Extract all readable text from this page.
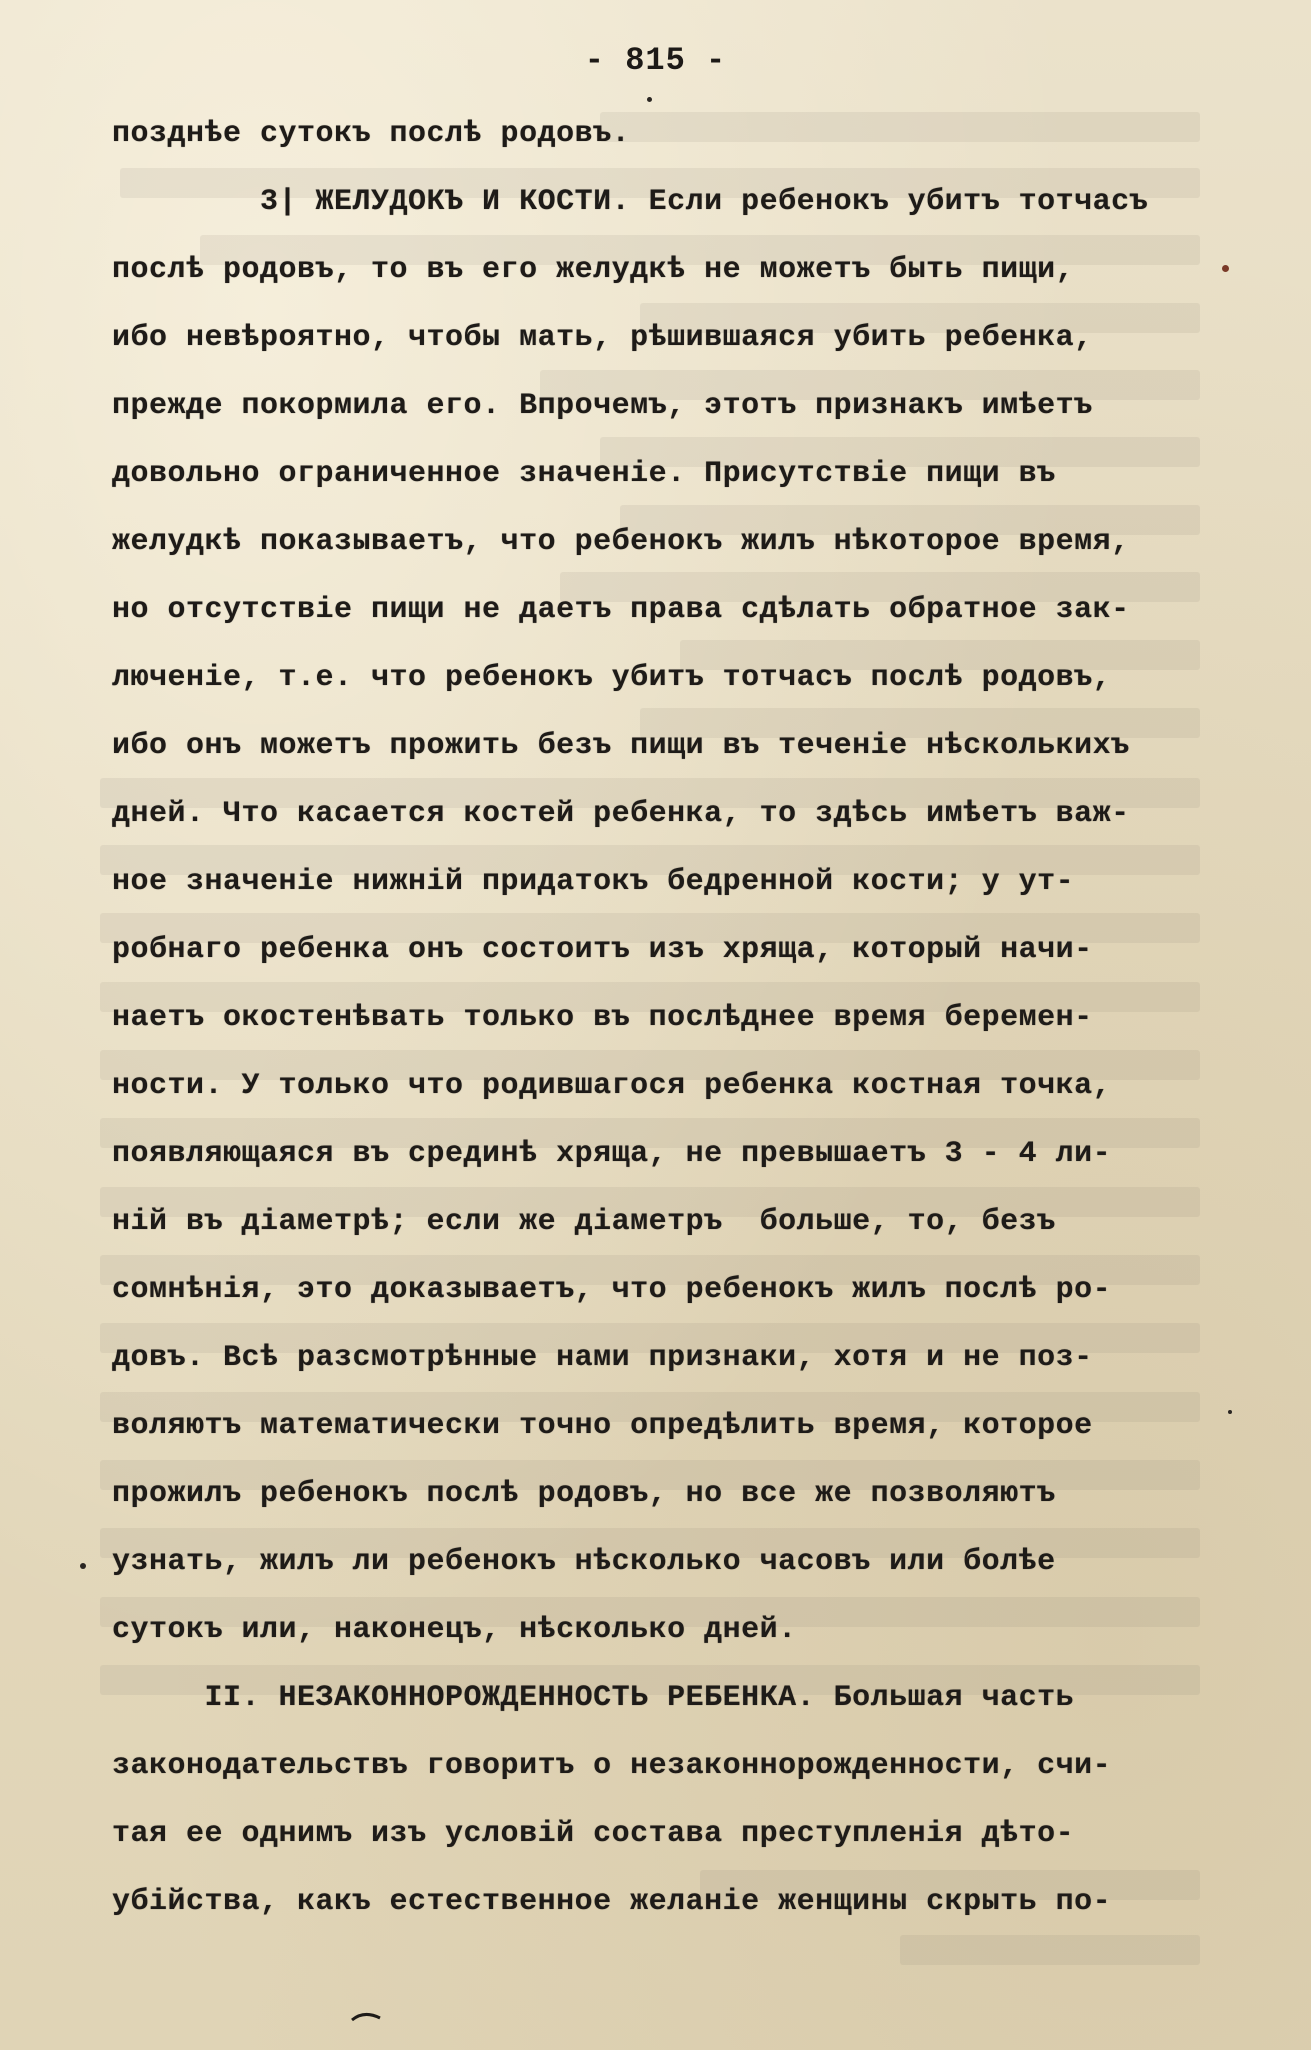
- 815 -
позднѣе сутокъ послѣ родовъ.
3| ЖЕЛУДОКЪ И КОСТИ. Если ребенокъ убитъ тотчасъ
послѣ родовъ, то въ его желудкѣ не можетъ быть пищи,
ибо невѣроятно, чтобы мать, рѣшившаяся убить ребенка,
прежде покормила его. Впрочемъ, этотъ признакъ имѣетъ
довольно ограниченное значенiе. Присутствiе пищи въ
желудкѣ показываетъ, что ребенокъ жилъ нѣкоторое время,
но отсутствiе пищи не даетъ права сдѣлать обратное зак-
люченiе, т.е. что ребенокъ убитъ тотчасъ послѣ родовъ,
ибо онъ можетъ прожить безъ пищи въ теченiе нѣсколькихъ
дней. Что касается костей ребенка, то здѣсь имѣетъ важ-
ное значенiе нижнiй придатокъ бедренной кости; у ут-
робнаго ребенка онъ состоитъ изъ хряща, который начи-
наетъ окостенѣвать только въ послѣднее время беремен-
ности. У только что родившагося ребенка костная точка,
появляющаяся въ срединѣ хряща, не превышаетъ 3 - 4 ли-
нiй въ дiаметрѣ; если же дiаметръ  больше, то, безъ
сомнѣнiя, это доказываетъ, что ребенокъ жилъ послѣ ро-
довъ. Всѣ разсмотрѣнные нами признаки, хотя и не поз-
воляютъ математически точно опредѣлить время, которое
прожилъ ребенокъ послѣ родовъ, но все же позволяютъ
узнать, жилъ ли ребенокъ нѣсколько часовъ или болѣе
сутокъ или, наконецъ, нѣсколько дней.
II. НЕЗАКОННОРОЖДЕННОСТЬ РЕБЕНКА. Большая часть
законодательствъ говоритъ о незаконнорожденности, счи-
тая ее однимъ изъ условiй состава преступленiя дѣто-
убiйства, какъ естественное желанiе женщины скрыть по-
